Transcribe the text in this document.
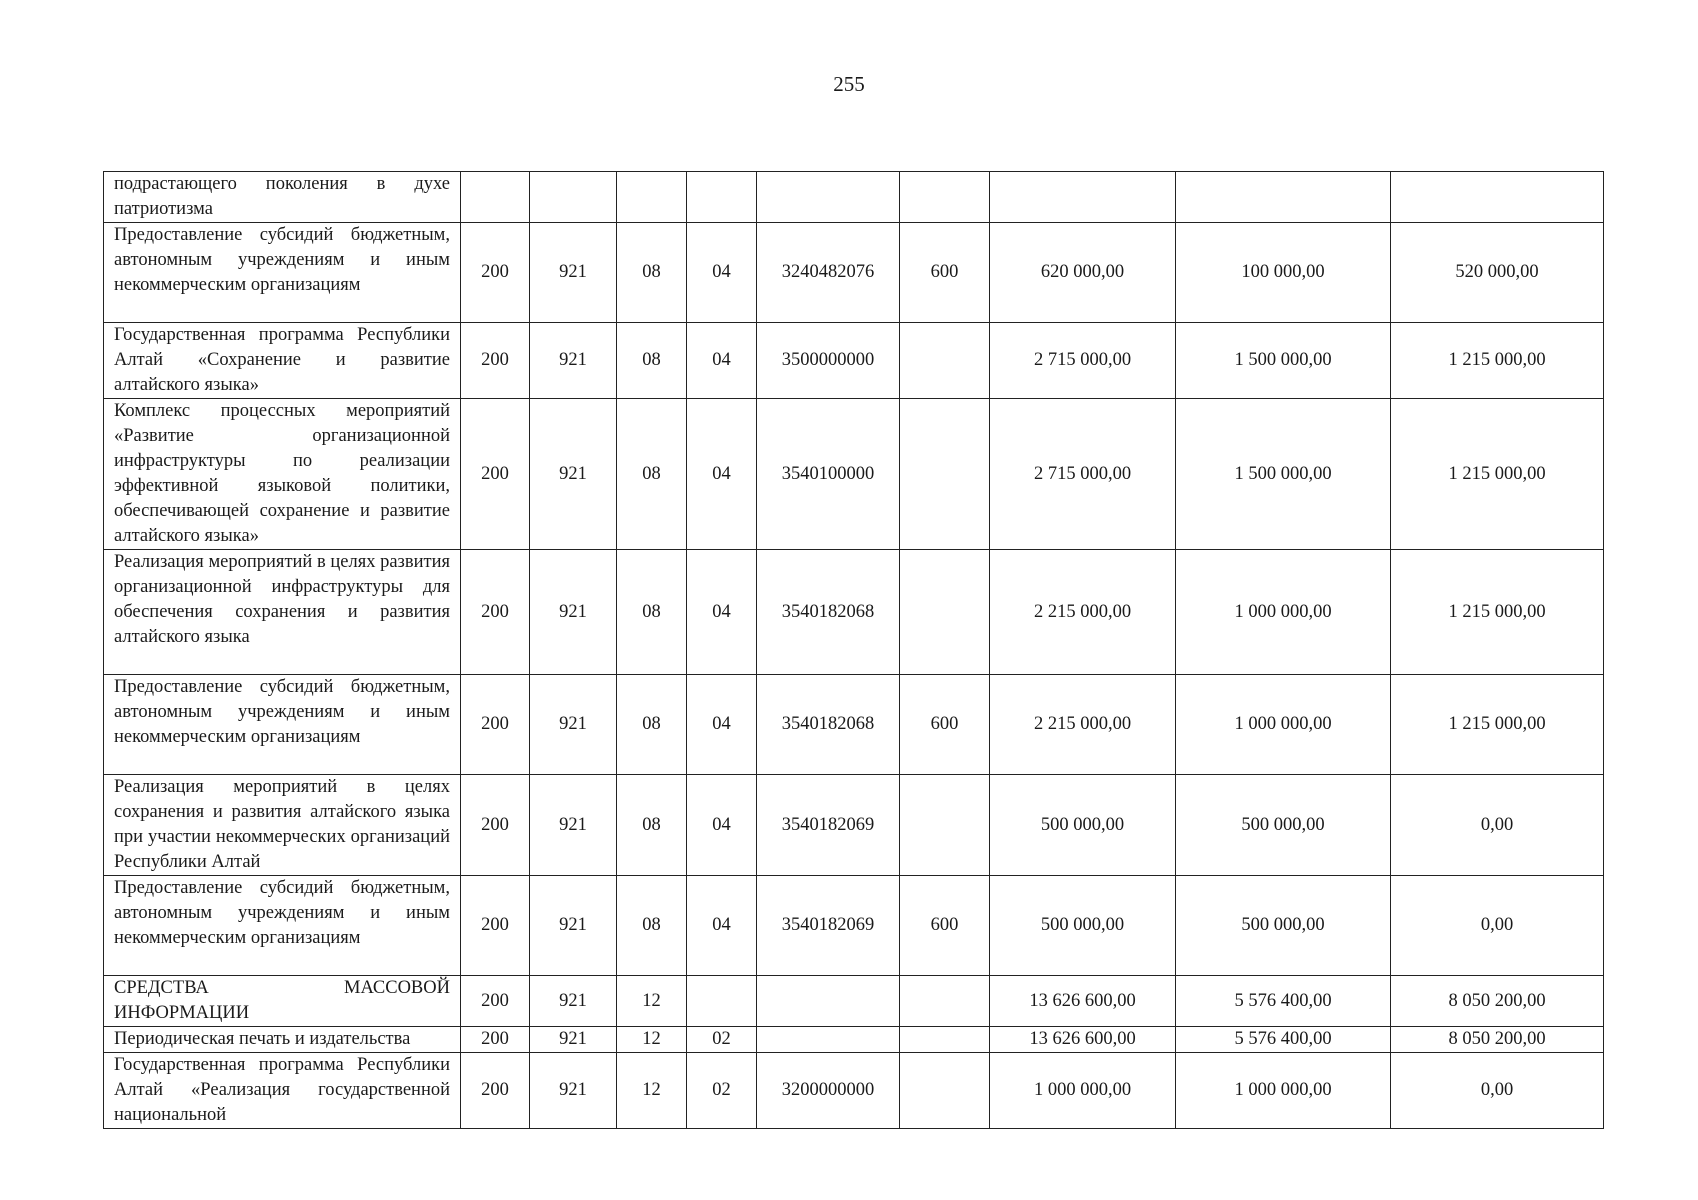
255
подрастающего поколения в духе патриотизма									
Предоставление субсидий бюджетным, автономным учреждениям и иным некоммерческим организациям	200	921	08	04	3240482076	600	620 000,00	100 000,00	520 000,00
Государственная программа Республики Алтай «Сохранение и развитие алтайского языка»	200	921	08	04	3500000000		2 715 000,00	1 500 000,00	1 215 000,00
Комплекс процессных мероприятий «Развитие организационной инфраструктуры по реализации эффективной языковой политики, обеспечивающей сохранение и развитие алтайского языка»	200	921	08	04	3540100000		2 715 000,00	1 500 000,00	1 215 000,00
Реализация мероприятий в целях развития организационной инфраструктуры для обеспечения сохранения и развития алтайского языка	200	921	08	04	3540182068		2 215 000,00	1 000 000,00	1 215 000,00
Предоставление субсидий бюджетным, автономным учреждениям и иным некоммерческим организациям	200	921	08	04	3540182068	600	2 215 000,00	1 000 000,00	1 215 000,00
Реализация мероприятий в целях сохранения и развития алтайского языка при участии некоммерческих организаций Республики Алтай	200	921	08	04	3540182069		500 000,00	500 000,00	0,00
Предоставление субсидий бюджетным, автономным учреждениям и иным некоммерческим организациям	200	921	08	04	3540182069	600	500 000,00	500 000,00	0,00
СРЕДСТВА МАССОВОЙ ИНФОРМАЦИИ	200	921	12				13 626 600,00	5 576 400,00	8 050 200,00
Периодическая печать и издательства	200	921	12	02			13 626 600,00	5 576 400,00	8 050 200,00
Государственная программа Республики Алтай «Реализация государственной национальной	200	921	12	02	3200000000		1 000 000,00	1 000 000,00	0,00
